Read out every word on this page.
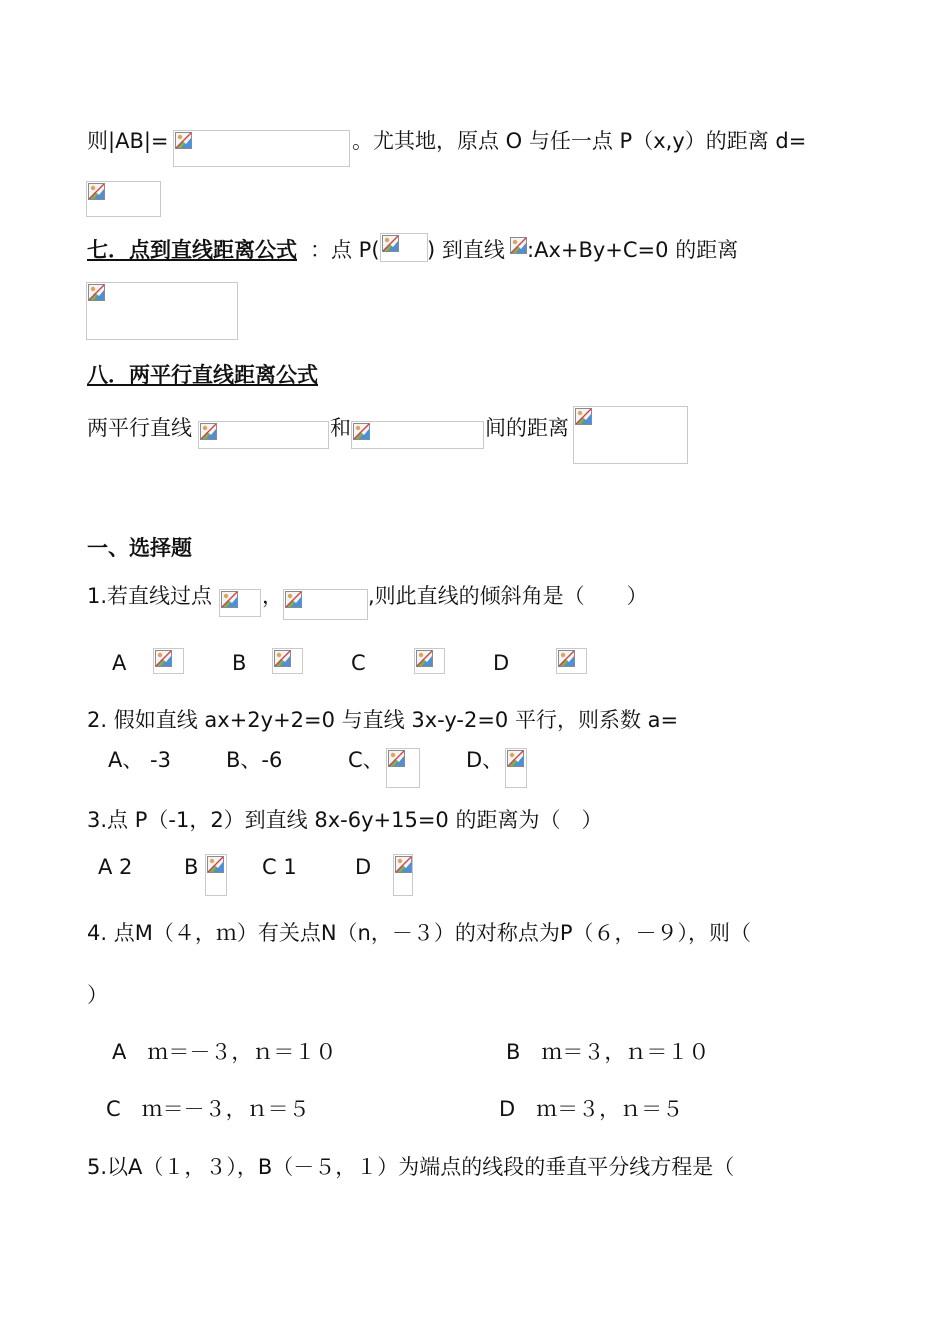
则|AB|=	。尤其地，原点 O 与任一点 P（x,y）的距离 d=
七．点到直线距离公式 ：点 P( ) 到直线 :Ax+By+C=0 的距离
八．两平行直线距离公式
两平行直线	和	间的距离
一、选择题
1.若直线过点 ，	,则此直线的倾斜角是（　　）
A	B	C	D
2. 假如直线 ax+2y+2=0 与直线 3x-y-2=0 平行，则系数 a=
A、 -3	B、-6	C、	D、
3.点 P（-1，2）到直线 8x-6y+15=0 的距离为（　）
A 2 B	C 1	D
4. 点M（４，ｍ）有关点N（n，－３）的对称点为P（６，－９），则（
）
A　ｍ＝－３，ｎ＝１０	B　ｍ＝３，ｎ＝１０
C　ｍ＝－３，ｎ＝５	D　ｍ＝３，ｎ＝５
5.以A（１，３），B（－５，１）为端点的线段的垂直平分线方程是（
